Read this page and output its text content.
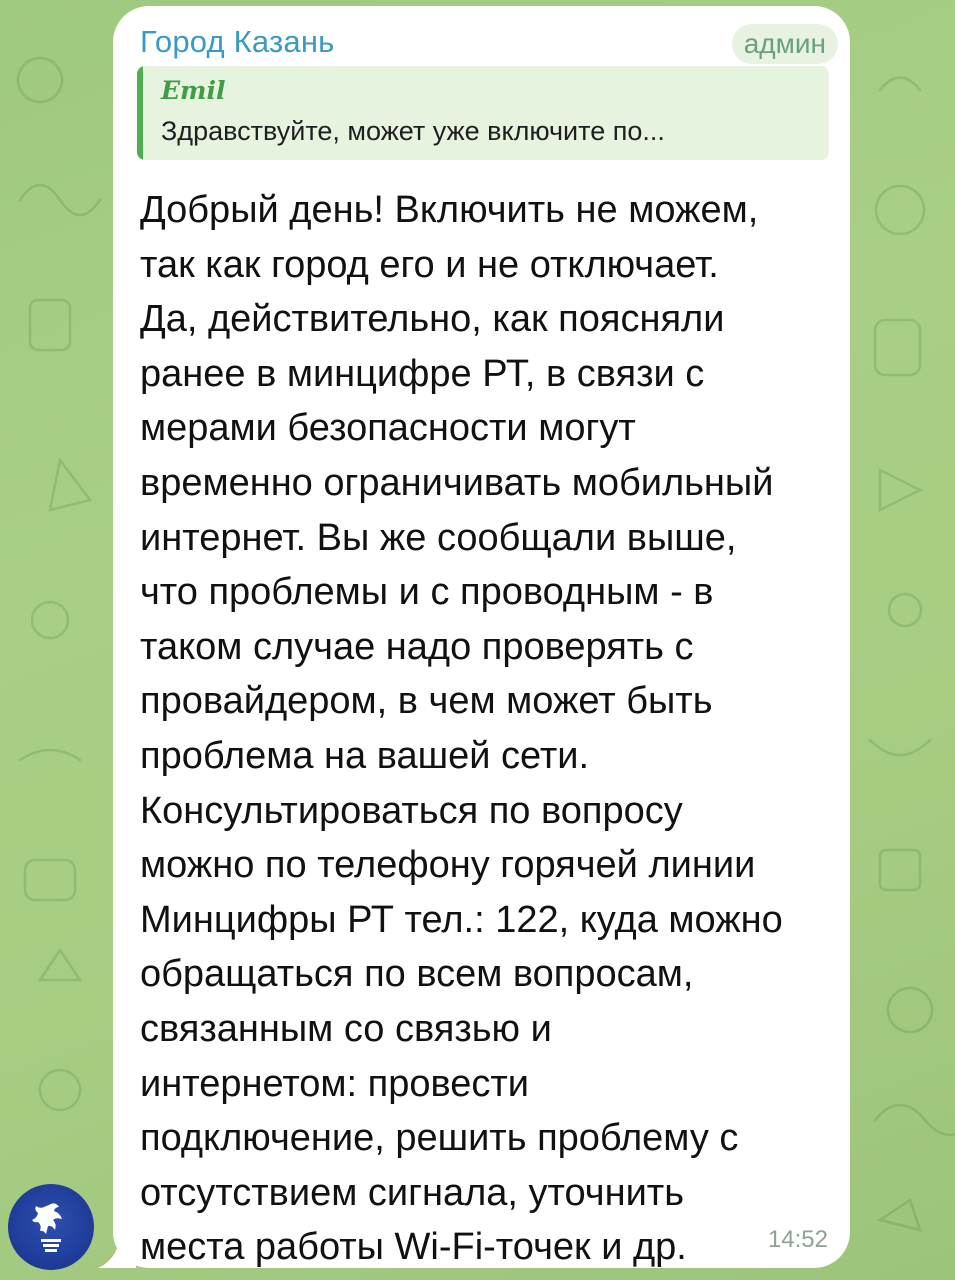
Город Казань	админ
Emil
Здравствуйте, может уже включите по...
Добрый день! Включить не можем,
так как город его и не отключает.
Да, действительно, как поясняли
ранее в минцифре РТ, в связи с
мерами безопасности могут
временно ограничивать мобильный
интернет. Вы же сообщали выше,
что проблемы и с проводным - в
таком случае надо проверять с
провайдером, в чем может быть
проблема на вашей сети.
Консультироваться по вопросу
можно по телефону горячей линии
Минцифры РТ тел.: 122, куда можно
обращаться по всем вопросам,
связанным со связью и
интернетом: провести
подключение, решить проблему с
отсутствием сигнала, уточнить
места работы Wi-Fi-точек и др.	14:52
